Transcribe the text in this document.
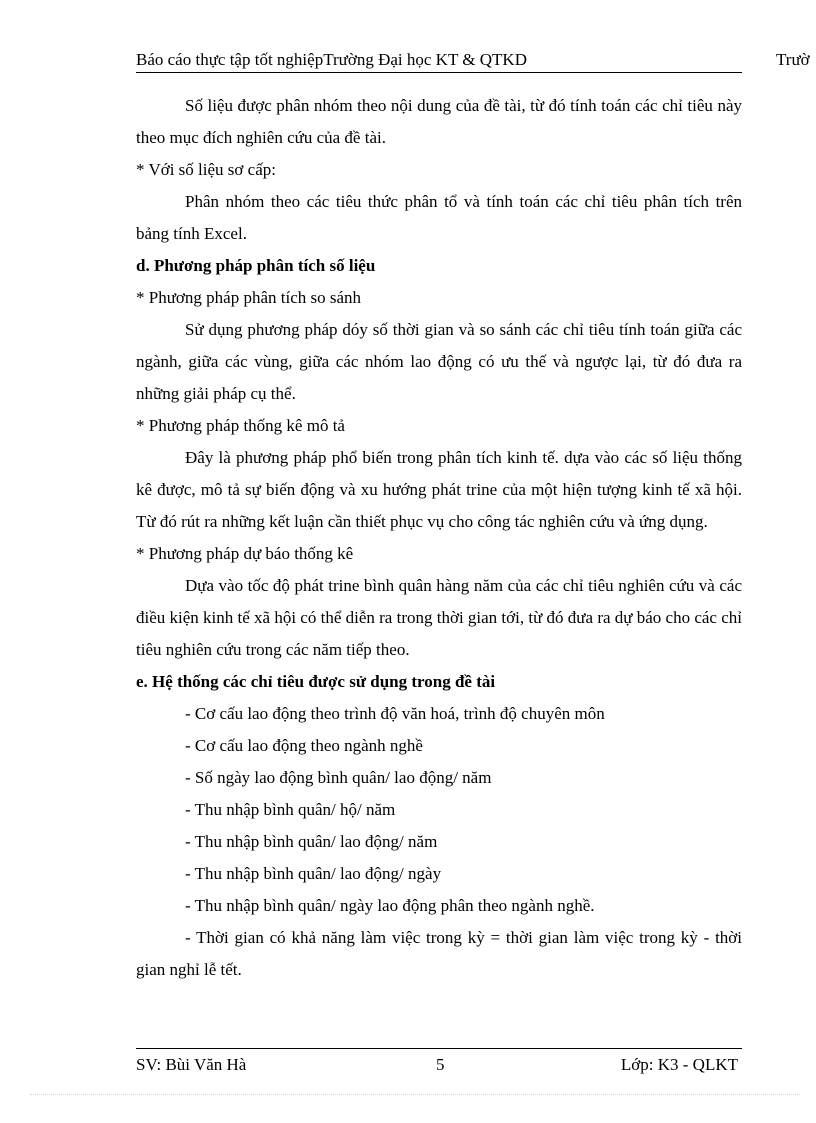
Báo cáo thực tập tốt nghiệpTrường Đại học KT & QTKD	Trườ

Số liệu được phân nhóm theo nội dung của đề tài, từ đó tính toán các chỉ tiêu này theo mục đích nghiên cứu của đề tài.

* Với số liệu sơ cấp:

Phân nhóm theo các tiêu thức phân tổ và tính toán các chỉ tiêu phân tích trên bảng tính Excel.

d. Phương pháp phân tích số liệu

* Phương pháp phân tích so sánh

Sử dụng phương pháp dóy số thời gian và so sánh các chỉ tiêu tính toán giữa các ngành, giữa các vùng, giữa các nhóm lao động có ưu thế và ngược lại, từ đó đưa ra những giải pháp cụ thể.

* Phương pháp thống kê mô tả

Đây là phương pháp phổ biến trong phân tích kinh tế. dựa vào các số liệu thống kê được, mô tả sự biến động và xu hướng phát trine của một hiện tượng kinh tế xã hội. Từ đó rút ra những kết luận cần thiết phục vụ cho công tác nghiên cứu và ứng dụng.

* Phương pháp dự báo thống kê

Dựa vào tốc độ phát trine bình quân hàng năm của các chỉ tiêu nghiên cứu và các điều kiện kinh tế xã hội có thể diễn ra trong thời gian tới, từ đó đưa ra dự báo cho các chỉ tiêu nghiên cứu trong các năm tiếp theo.

e. Hệ thống các chỉ tiêu được sử dụng trong đề tài

- Cơ cấu lao động theo trình độ văn hoá, trình độ chuyên môn

- Cơ cấu lao động theo ngành nghề

- Số ngày lao động bình quân/ lao động/ năm

- Thu nhập bình quân/ hộ/ năm

- Thu nhập bình quân/ lao động/ năm

- Thu nhập bình quân/ lao động/ ngày

- Thu nhập bình quân/ ngày lao động phân theo ngành nghề.

- Thời gian có khả năng làm việc trong kỳ = thời gian làm việc trong kỳ - thời gian nghỉ lễ tết.

SV: Bùi Văn Hà	5	Lớp: K3 - QLKT
